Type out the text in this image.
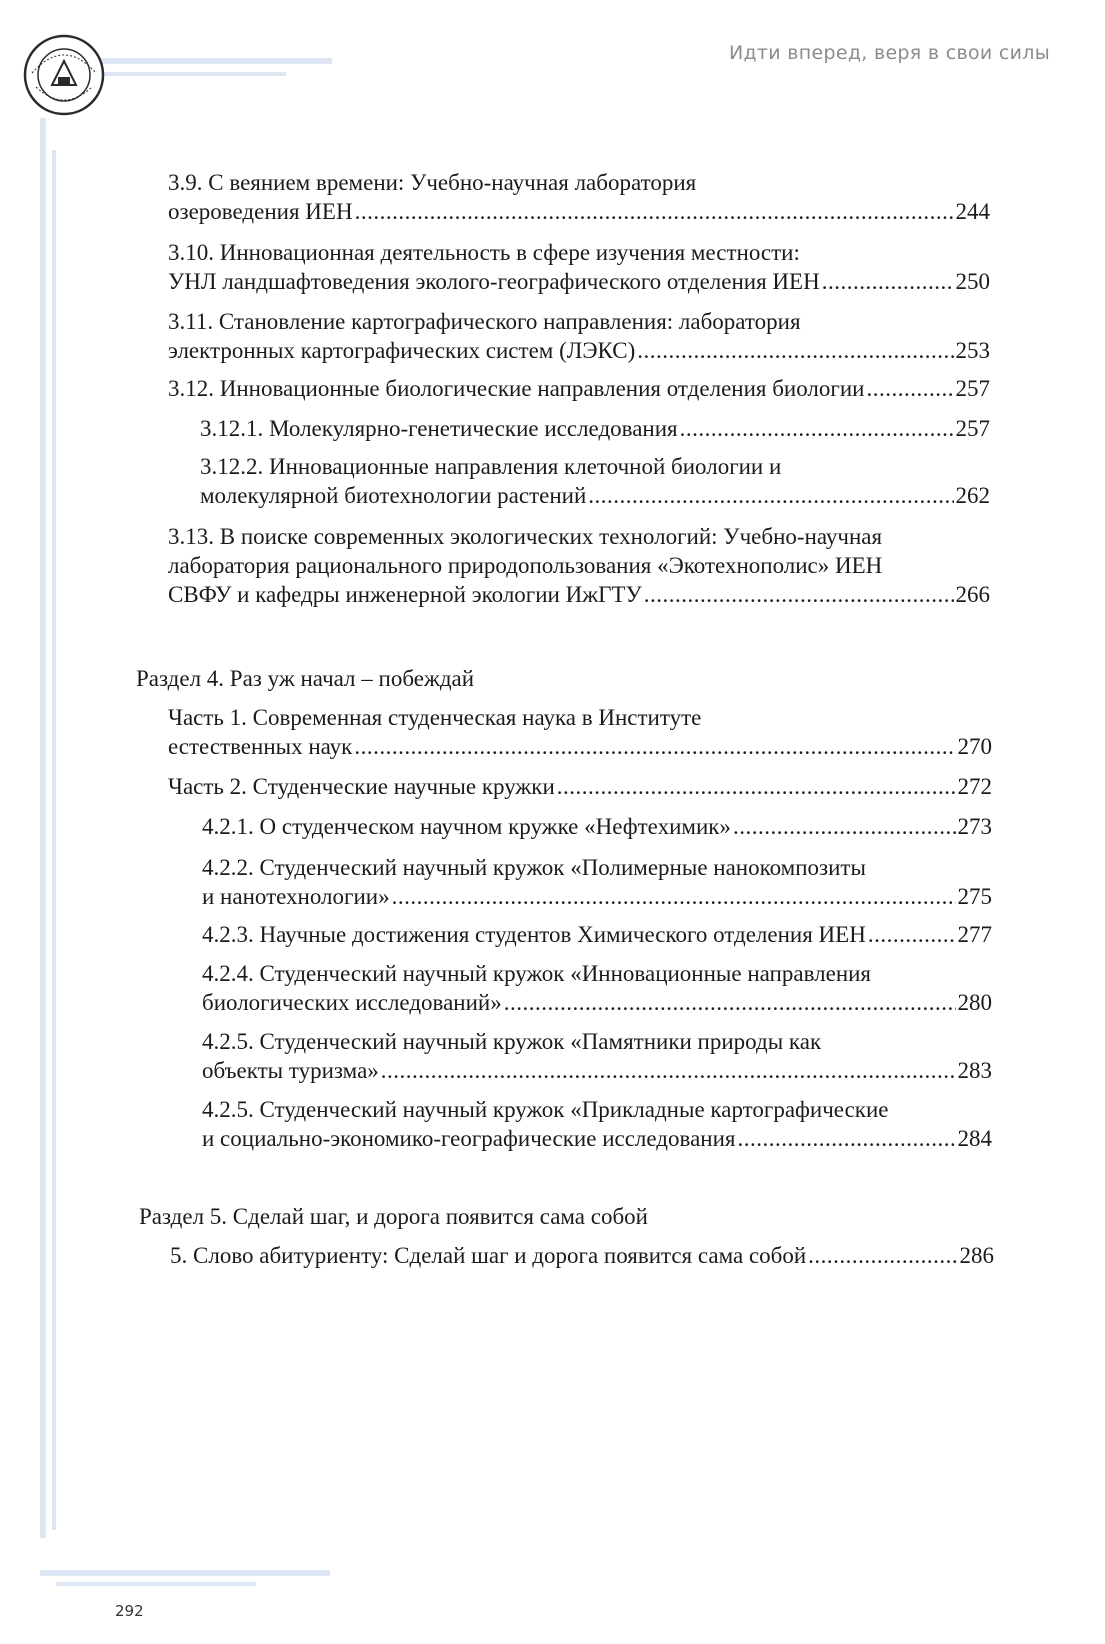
Идти вперед, веря в свои силы
3.9. С веянием времени: Учебно-научная лаборатория
озероведения ИЕН .....	244
3.10. Инновационная деятельность в сфере изучения местности:
УНЛ ландшафтоведения эколого-географического отделения ИЕН .....	250
3.11. Становление картографического направления: лаборатория
электронных картографических систем (ЛЭКС) .....	253
3.12. Инновационные биологические направления отделения биологии .....	257
3.12.1. Молекулярно-генетические исследования .....	257
3.12.2. Инновационные направления клеточной биологии и
молекулярной биотехнологии растений .....	262
3.13. В поиске современных экологических технологий: Учебно-научная
лаборатория рационального природопользования «Экотехнополис» ИЕН
СВФУ и кафедры инженерной экологии ИжГТУ .....	266
Раздел 4. Раз уж начал – побеждай
Часть 1. Современная студенческая наука в Институте
естественных наук .....	270
Часть 2. Студенческие научные кружки .....	272
4.2.1. О студенческом научном кружке «Нефтехимик» .....	273
4.2.2. Студенческий научный кружок «Полимерные нанокомпозиты
и нанотехнологии» .....	275
4.2.3. Научные достижения студентов Химического отделения ИЕН .....	277
4.2.4. Студенческий научный кружок «Инновационные направления
биологических исследований» .....	280
4.2.5. Студенческий научный кружок «Памятники природы как
объекты туризма» .....	283
4.2.5. Студенческий научный кружок «Прикладные картографические
и социально-экономико-географические исследования .....	284
Раздел 5. Сделай шаг, и дорога появится сама собой
5. Слово абитуриенту: Сделай шаг и дорога появится сама собой .....	286
292
